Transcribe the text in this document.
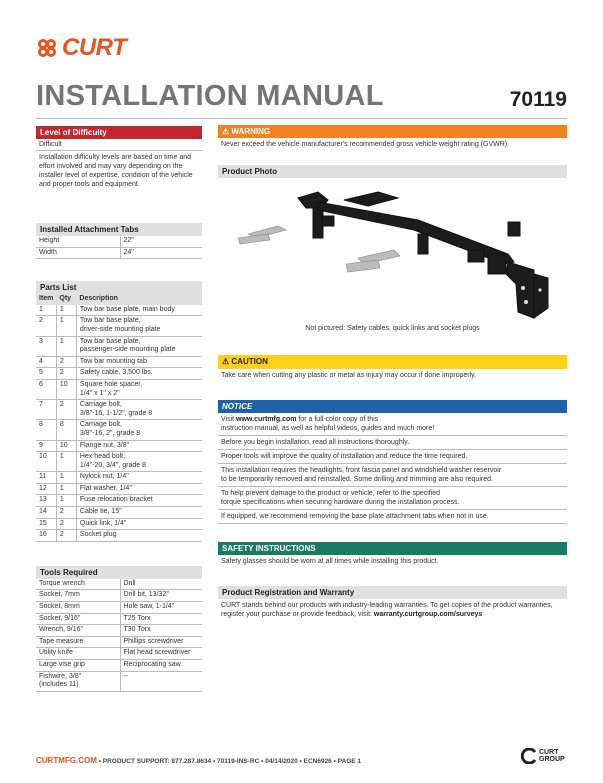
CURT
INSTALLATION MANUAL	70119
Level of Difficulty
Difficult
Installation difficulty levels are based on time and effort involved and may vary depending on the installer level of expertise, condition of the vehicle and proper tools and equipment.
Installed Attachment Tabs
Height	22"
Width	24"
Parts List
Item	Qty	Description
1	1	Tow bar base plate, main body
2	1	Tow bar base plate,
driver-side mounting plate
3	1	Tow bar base plate,
passenger-side mounting plate
4	2	Tow bar mounting tab
5	2	Safety cable, 3,500 lbs.
6	10	Square hole spacer,
1/4" x 1" x 2"
7	2	Carriage bolt,
3/8"-16, 1-1/2", grade 8
8	8	Carriage bolt,
3/8"-16, 2", grade 8
9	10	Flange nut, 3/8"
10	1	Hex head bolt,
1/4"-20, 3/4", grade 8
11	1	Nylock nut, 1/4"
12	1	Flat washer, 1/4"
13	1	Fuse relocation bracket
14	2	Cable tie, 15"
15	2	Quick link, 1/4"
16	2	Socket plug
Tools Required
Torque wrench	Drill
Socket, 7mm	Drill bit, 13/32"
Socket, 8mm	Hole saw, 1-1/4"
Socket, 9/16"	T25 Torx
Wrench, 9/16"	T30 Torx
Tape measure	Phillips screwdriver
Utility knife	Flat head screwdriver
Large vise grip	Reciprocating saw
Fishwire, 3/8"
(includes 11)	--
⚠ WARNING
Never exceed the vehicle manufacturer's recommended gross vehicle weight rating (GVWR).
Product Photo
Not pictured: Safety cables, quick links and socket plugs
⚠ CAUTION
Take care when cutting any plastic or metal as injury may occur if done improperly.
NOTICE
Visit www.curtmfg.com for a full-color copy of this
instruction manual, as well as helpful videos, guides and much more!
Before you begin installation, read all instructions thoroughly.
Proper tools will improve the quality of installation and reduce the time required.
This installation requires the headlights, front fascia panel and windshield washer reservoir
to be temporarily removed and reinstalled. Some drilling and trimming are also required.
To help prevent damage to the product or vehicle, refer to the specified
torque specifications when securing hardware during the installation process.
If equipped, we recommend removing the base plate attachment tabs when not in use.
SAFETY INSTRUCTIONS
Safety glasses should be worn at all times while installing this product.
Product Registration and Warranty
CURT stands behind our products with industry-leading warranties. To get copies of the product warranties, register your purchase or provide feedback, visit: warranty.curtgroup.com/surveys
CURTMFG.COM • PRODUCT SUPPORT: 877.287.8634 • 70119-INS-RC • 04/14/2020 • ECN6926 • PAGE 1
CURT
GROUP
